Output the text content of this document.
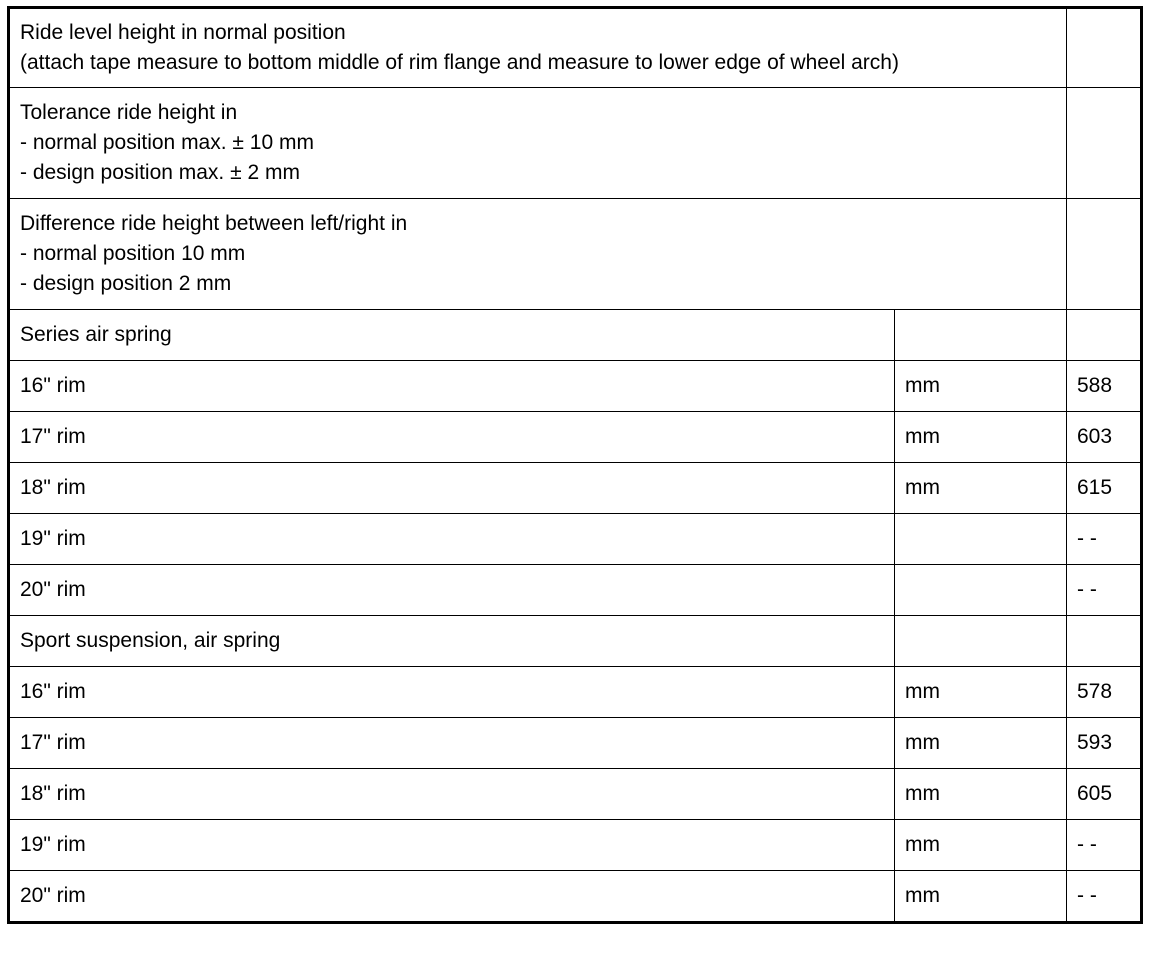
Ride level height in normal position
(attach tape measure to bottom middle of rim flange and measure to lower edge of wheel arch)		

Tolerance ride height in
- normal position max. ± 10 mm
- design position max. ± 2 mm		

Difference ride height between left/right in
- normal position 10 mm
- design position 2 mm		

Series air spring		
16" rim	mm	588
17" rim	mm	603
18" rim	mm	615
19" rim		- -
20" rim		- -
Sport suspension, air spring		
16" rim	mm	578
17" rim	mm	593
18" rim	mm	605
19" rim	mm	- -
20" rim	mm	- -
